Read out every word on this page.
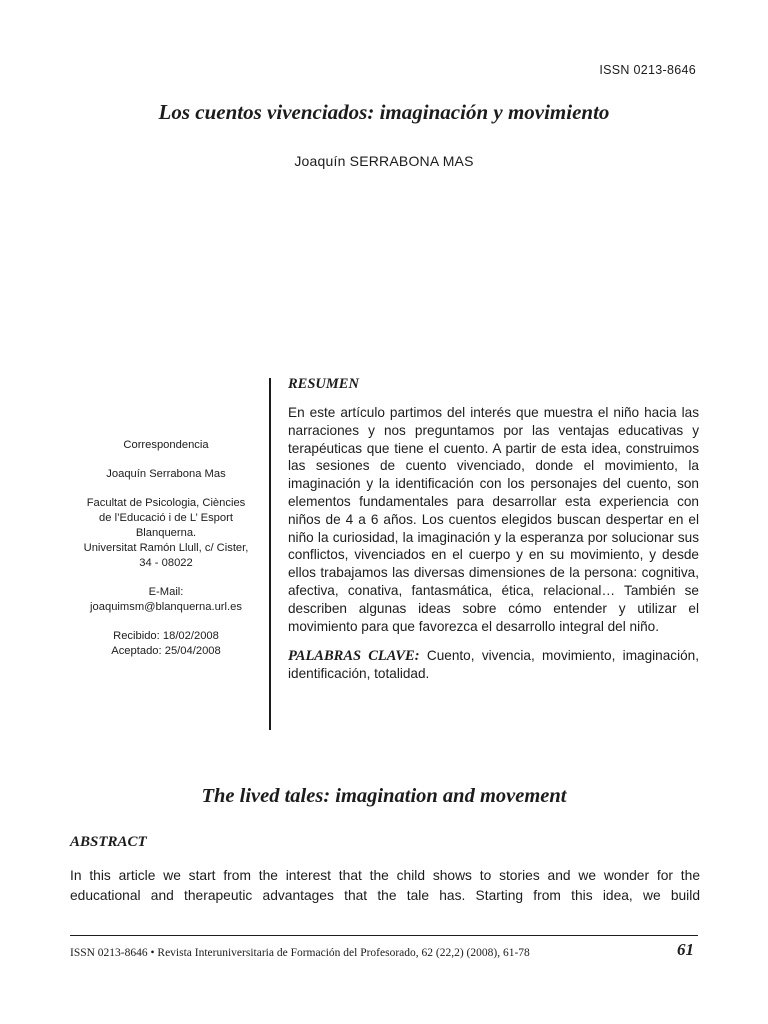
ISSN 0213-8646
Los cuentos vivenciados: imaginación y movimiento
Joaquín SERRABONA MAS

Correspondencia

Joaquín Serrabona Mas

Facultat de Psicologia, Ciències

de l’Educació i de L’ Esport

Blanquerna.

Universitat Ramón Llull, c/ Cister,

34 - 08022

E-Mail:

joaquimsm@blanquerna.url.es

Recibido: 18/02/2008

Aceptado: 25/04/2008

RESUMEN

En este artículo partimos del interés que muestra el niño hacia las narraciones y nos preguntamos por las ventajas educativas y terapéuticas que tiene el cuento. A partir de esta idea, construimos las sesiones de cuento vivenciado, donde el movimiento, la imaginación y la identificación con los personajes del cuento, son elementos fundamentales para desarrollar esta experiencia con niños de 4 a 6 años. Los cuentos elegidos buscan despertar en el niño la curiosidad, la imaginación y la esperanza por solucionar sus conflictos, vivenciados en el cuerpo y en su movimiento, y desde ellos trabajamos las diversas dimensiones de la persona: cognitiva, afectiva, conativa, fantasmática, ética, relacional… También se describen algunas ideas sobre cómo entender y utilizar el movimiento para que favorezca el desarrollo integral del niño.

PALABRAS CLAVE: Cuento, vivencia, movimiento, imaginación, identificación, totalidad.

The lived tales: imagination and movement
ABSTRACT

In this article we start from the interest that the child shows to stories and we wonder for the educational and therapeutic advantages that the tale has. Starting from this idea, we build

ISSN 0213-8646 • Revista Interuniversitaria de Formación del Profesorado, 62 (22,2) (2008), 61-78	61
